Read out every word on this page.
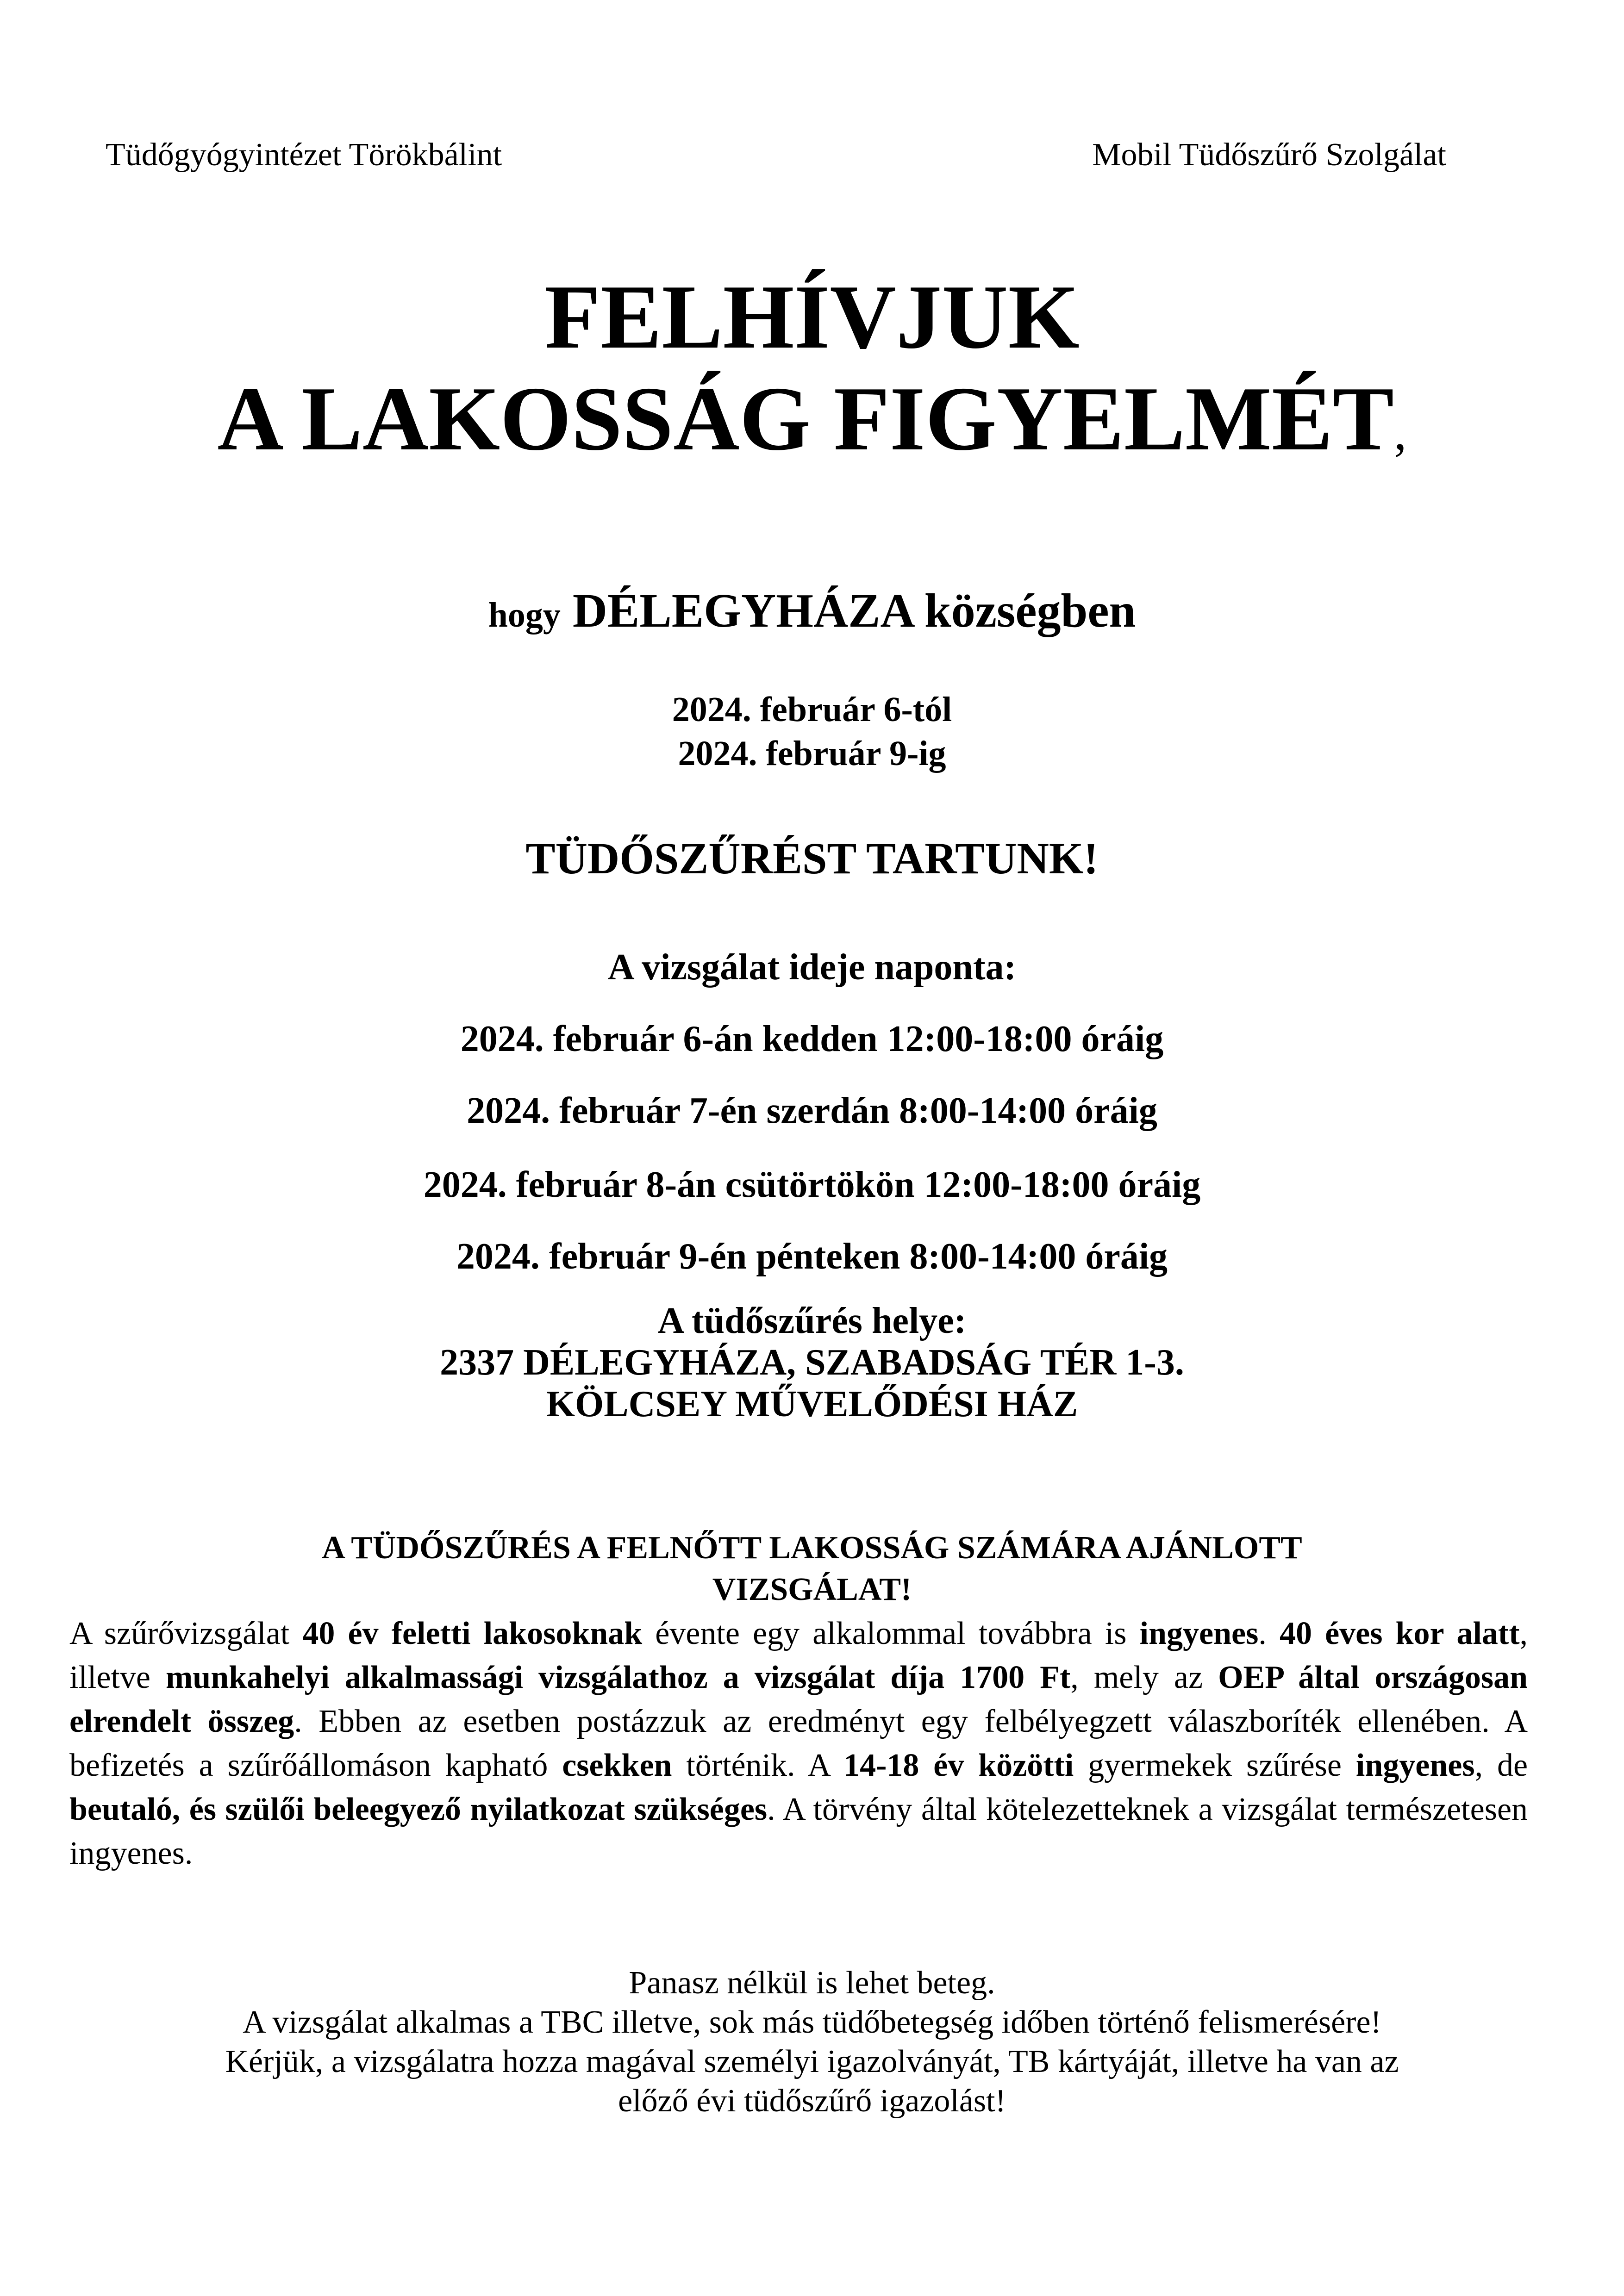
Tüdőgyógyintézet Törökbálint	Mobil Tüdőszűrő Szolgálat
FELHÍVJUK
A LAKOSSÁG FIGYELMÉT,
hogy DÉLEGYHÁZA községben
2024. február 6-tól
2024. február 9-ig
TÜDŐSZŰRÉST TARTUNK!
A vizsgálat ideje naponta:
2024. február 6-án kedden 12:00-18:00 óráig
2024. február 7-én szerdán 8:00-14:00 óráig
2024. február 8-án csütörtökön 12:00-18:00 óráig
2024. február 9-én pénteken 8:00-14:00 óráig
A tüdőszűrés helye:
2337 DÉLEGYHÁZA, SZABADSÁG TÉR 1-3.
KÖLCSEY MŰVELŐDÉSI HÁZ
A TÜDŐSZŰRÉS A FELNŐTT LAKOSSÁG SZÁMÁRA AJÁNLOTT
VIZSGÁLAT!
A szűrővizsgálat 40 év feletti lakosoknak évente egy alkalommal továbbra is ingyenes. 40 éves kor alatt, illetve munkahelyi alkalmassági vizsgálathoz a vizsgálat díja 1700 Ft, mely az OEP által országosan elrendelt összeg. Ebben az esetben postázzuk az eredményt egy felbélyegzett válaszboríték ellenében. A befizetés a szűrőállomáson kapható csekken történik. A 14-18 év közötti gyermekek szűrése ingyenes, de beutaló, és szülői beleegyező nyilatkozat szükséges. A törvény által kötelezetteknek a vizsgálat természetesen ingyenes.
Panasz nélkül is lehet beteg.
A vizsgálat alkalmas a TBC illetve, sok más tüdőbetegség időben történő felismerésére!
Kérjük, a vizsgálatra hozza magával személyi igazolványát, TB kártyáját, illetve ha van az
előző évi tüdőszűrő igazolást!
